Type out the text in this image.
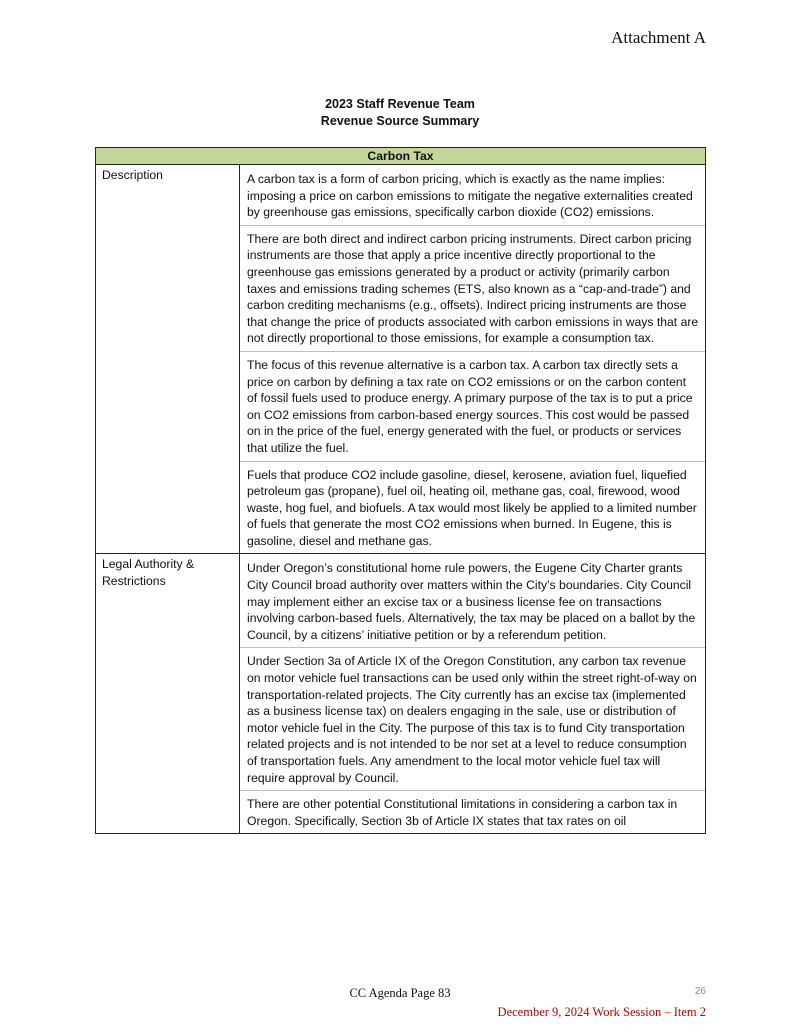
Attachment A
2023 Staff Revenue Team
Revenue Source Summary
Carbon Tax	
Description	A carbon tax is a form of carbon pricing, which is exactly as the name implies: imposing a price on carbon emissions to mitigate the negative externalities created by greenhouse gas emissions, specifically carbon dioxide (CO2) emissions.
There are both direct and indirect carbon pricing instruments. Direct carbon pricing instruments are those that apply a price incentive directly proportional to the greenhouse gas emissions generated by a product or activity (primarily carbon taxes and emissions trading schemes (ETS, also known as a “cap-and-trade”) and carbon crediting mechanisms (e.g., offsets). Indirect pricing instruments are those that change the price of products associated with carbon emissions in ways that are not directly proportional to those emissions, for example a consumption tax.
The focus of this revenue alternative is a carbon tax. A carbon tax directly sets a price on carbon by defining a tax rate on CO2 emissions or on the carbon content of fossil fuels used to produce energy. A primary purpose of the tax is to put a price on CO2 emissions from carbon-based energy sources. This cost would be passed on in the price of the fuel, energy generated with the fuel, or products or services that utilize the fuel.
Fuels that produce CO2 include gasoline, diesel, kerosene, aviation fuel, liquefied petroleum gas (propane), fuel oil, heating oil, methane gas, coal, firewood, wood waste, hog fuel, and biofuels. A tax would most likely be applied to a limited number of fuels that generate the most CO2 emissions when burned. In Eugene, this is gasoline, diesel and methane gas.

Legal Authority & Restrictions	Under Oregon’s constitutional home rule powers, the Eugene City Charter grants City Council broad authority over matters within the City’s boundaries. City Council may implement either an excise tax or a business license fee on transactions involving carbon-based fuels. Alternatively, the tax may be placed on a ballot by the Council, by a citizens’ initiative petition or by a referendum petition.
Under Section 3a of Article IX of the Oregon Constitution, any carbon tax revenue on motor vehicle fuel transactions can be used only within the street right-of-way on transportation-related projects. The City currently has an excise tax (implemented as a business license tax) on dealers engaging in the sale, use or distribution of motor vehicle fuel in the City. The purpose of this tax is to fund City transportation related projects and is not intended to be nor set at a level to reduce consumption of transportation fuels. Any amendment to the local motor vehicle fuel tax will require approval by Council.
There are other potential Constitutional limitations in considering a carbon tax in Oregon. Specifically, Section 3b of Article IX states that tax rates on oil
CC Agenda Page 83	26
December 9, 2024 Work Session – Item 2
